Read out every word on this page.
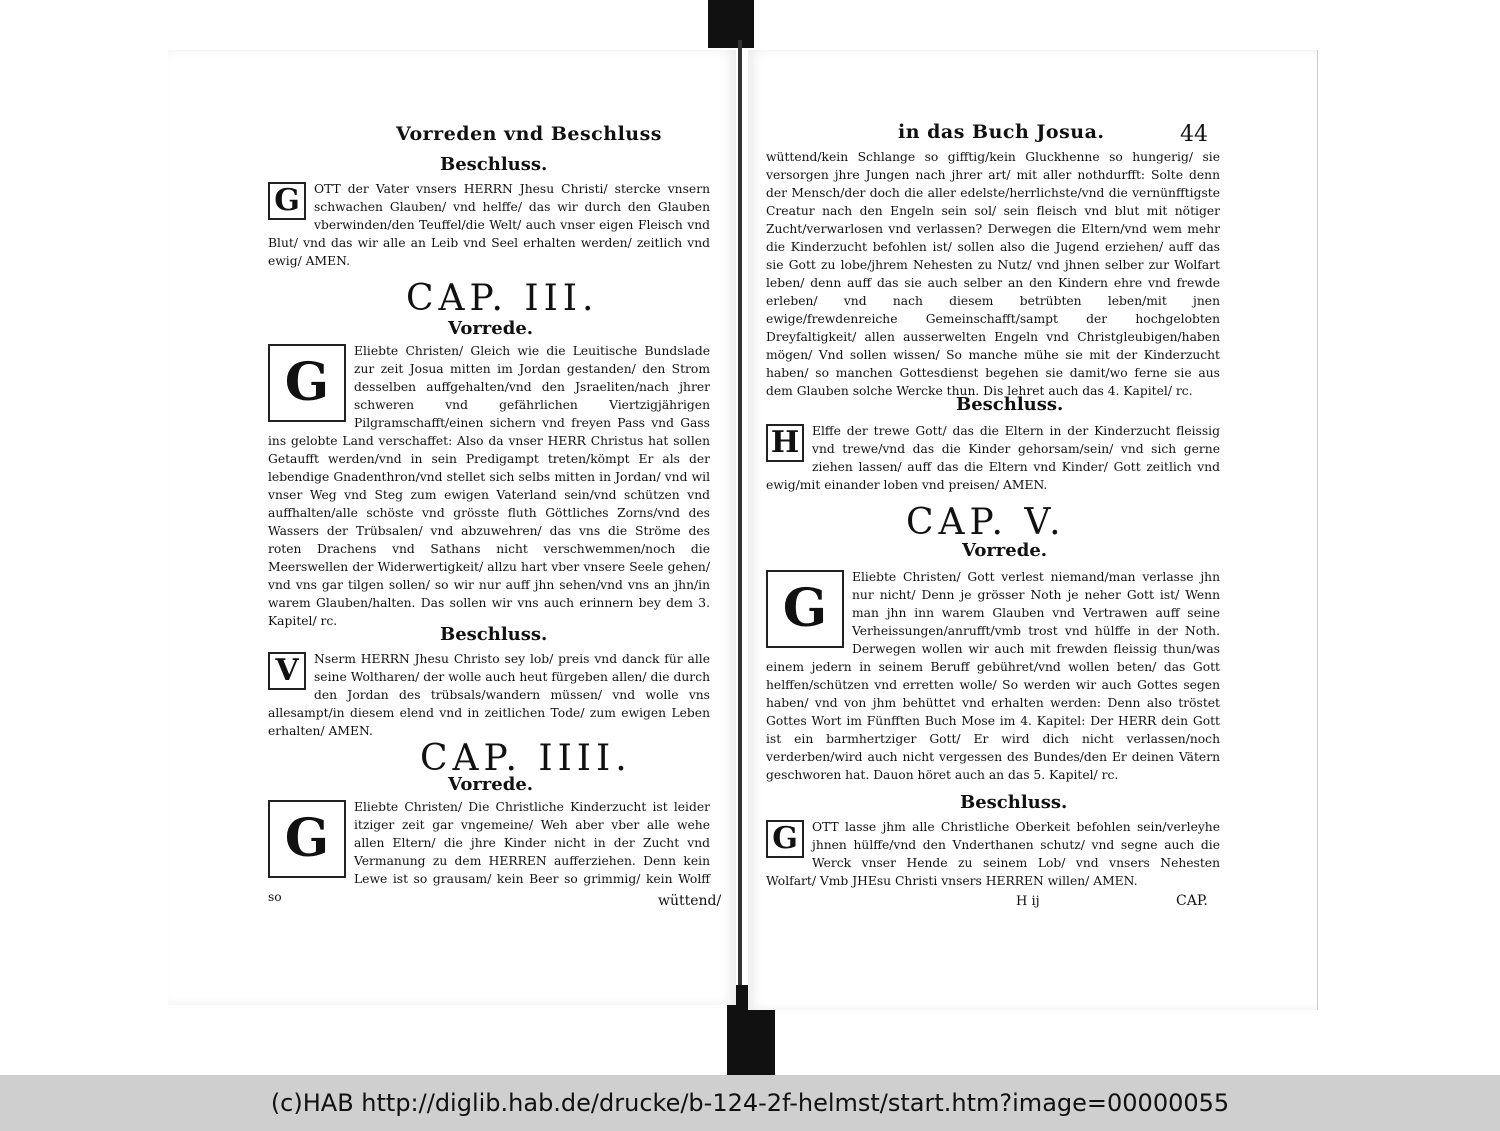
Vorreden vnd Beschluss
Beschluss.

G OTT der Vater vnsers HERRN Jhesu Christi/ stercke vnsern schwachen Glauben/ vnd helffe/ das wir durch den Glauben vberwinden/den Teuffel/die Welt/ auch vnser eigen Fleisch vnd Blut/ vnd das wir alle an Leib vnd Seel erhalten werden/ zeitlich vnd ewig/ AMEN.

CAP. III.
Vorrede.

G
Eliebte Christen/ Gleich wie die Leuitische Bundslade zur zeit Josua mitten im Jordan gestanden/ den Strom desselben auffgehalten/vnd den Jsraeliten/nach jhrer schweren vnd gefährlichen Viertzigjährigen Pilgramschafft/einen sichern vnd freyen Pass vnd Gass ins gelobte Land verschaffet: Also da vnser HERR Christus hat sollen Getaufft werden/vnd in sein Predigampt treten/kömpt Er als der lebendige Gnadenthron/vnd stellet sich selbs mitten in Jordan/ vnd wil vnser Weg vnd Steg zum ewigen Vaterland sein/vnd schützen vnd auffhalten/alle schöste vnd grösste fluth Göttliches Zorns/vnd des Wassers der Trübsalen/ vnd abzuwehren/ das vns die Ströme des roten Drachens vnd Sathans nicht verschwemmen/noch die Meerswellen der Widerwertigkeit/ allzu hart vber vnsere Seele gehen/ vnd vns gar tilgen sollen/ so wir nur auff jhn sehen/vnd vns an jhn/in warem Glauben/halten. Das sollen wir vns auch erinnern bey dem 3. Kapitel/ rc.

Beschluss.

V Nserm HERRN Jhesu Christo sey lob/ preis vnd danck für alle seine Woltharen/ der wolle auch heut fürgeben allen/ die durch den Jordan des trübsals/wandern müssen/ vnd wolle vns allesampt/in diesem elend vnd in zeitlichen Tode/ zum ewigen Leben erhalten/ AMEN.

CAP. IIII.
Vorrede.

G
Eliebte Christen/ Die Christliche Kinderzucht ist leider itziger zeit gar vngemeine/ Weh aber vber alle wehe allen Eltern/ die jhre Kinder nicht in der Zucht vnd Vermanung zu dem HERREN aufferziehen. Denn kein Lewe ist so grausam/ kein Beer so grimmig/ kein Wolff so	wüttend/
in das Buch Josua.	44

wüttend/kein Schlange so gifftig/kein Gluckhenne so hungerig/ sie versorgen jhre Jungen nach jhrer art/ mit aller nothdurfft: Solte denn der Mensch/der doch die aller edelste/herrlichste/vnd die vernünfftigste Creatur nach den Engeln sein sol/ sein fleisch vnd blut mit nötiger Zucht/verwarlosen vnd verlassen? Derwegen die Eltern/vnd wem mehr die Kinderzucht befohlen ist/ sollen also die Jugend erziehen/ auff das sie Gott zu lobe/jhrem Nehesten zu Nutz/ vnd jhnen selber zur Wolfart leben/ denn auff das sie auch selber an den Kindern ehre vnd frewde erleben/ vnd nach diesem betrübten leben/mit jnen ewige/frewdenreiche Gemeinschafft/sampt der hochgelobten Dreyfaltigkeit/ allen ausserwelten Engeln vnd Christgleubigen/haben mögen/ Vnd sollen wissen/ So manche mühe sie mit der Kinderzucht haben/ so manchen Gottesdienst begehen sie damit/wo ferne sie aus dem Glauben solche Wercke thun. Dis lehret auch das 4. Kapitel/ rc.

Beschluss.

H Elffe der trewe Gott/ das die Eltern in der Kinderzucht fleissig vnd trewe/vnd das die Kinder gehorsam/sein/ vnd sich gerne ziehen lassen/ auff das die Eltern vnd Kinder/ Gott zeitlich vnd ewig/mit einander loben vnd preisen/ AMEN.

CAP. V.
Vorrede.

G
Eliebte Christen/ Gott verlest niemand/man verlasse jhn nur nicht/ Denn je grösser Noth je neher Gott ist/ Wenn man jhn inn warem Glauben vnd Vertrawen auff seine Verheissungen/anrufft/vmb trost vnd hülffe in der Noth. Derwegen wollen wir auch mit frewden fleissig thun/was einem jedern in seinem Beruff gebühret/vnd wollen beten/ das Gott helffen/schützen vnd erretten wolle/ So werden wir auch Gottes segen haben/ vnd von jhm behüttet vnd erhalten werden: Denn also tröstet Gottes Wort im Fünfften Buch Mose im 4. Kapitel: Der HERR dein Gott ist ein barmhertziger Gott/ Er wird dich nicht verlassen/noch verderben/wird auch nicht vergessen des Bundes/den Er deinen Vätern geschworen hat. Dauon höret auch an das 5. Kapitel/ rc.

Beschluss.

G OTT lasse jhm alle Christliche Oberkeit befohlen sein/verleyhe jhnen hülffe/vnd den Vnderthanen schutz/ vnd segne auch die Werck vnser Hende zu seinem Lob/ vnd vnsers Nehesten Wolfart/ Vmb JHEsu Christi vnsers HERREN willen/ AMEN.

H ij	CAP.
(c)HAB http://diglib.hab.de/drucke/b-124-2f-helmst/start.htm?image=00000055
